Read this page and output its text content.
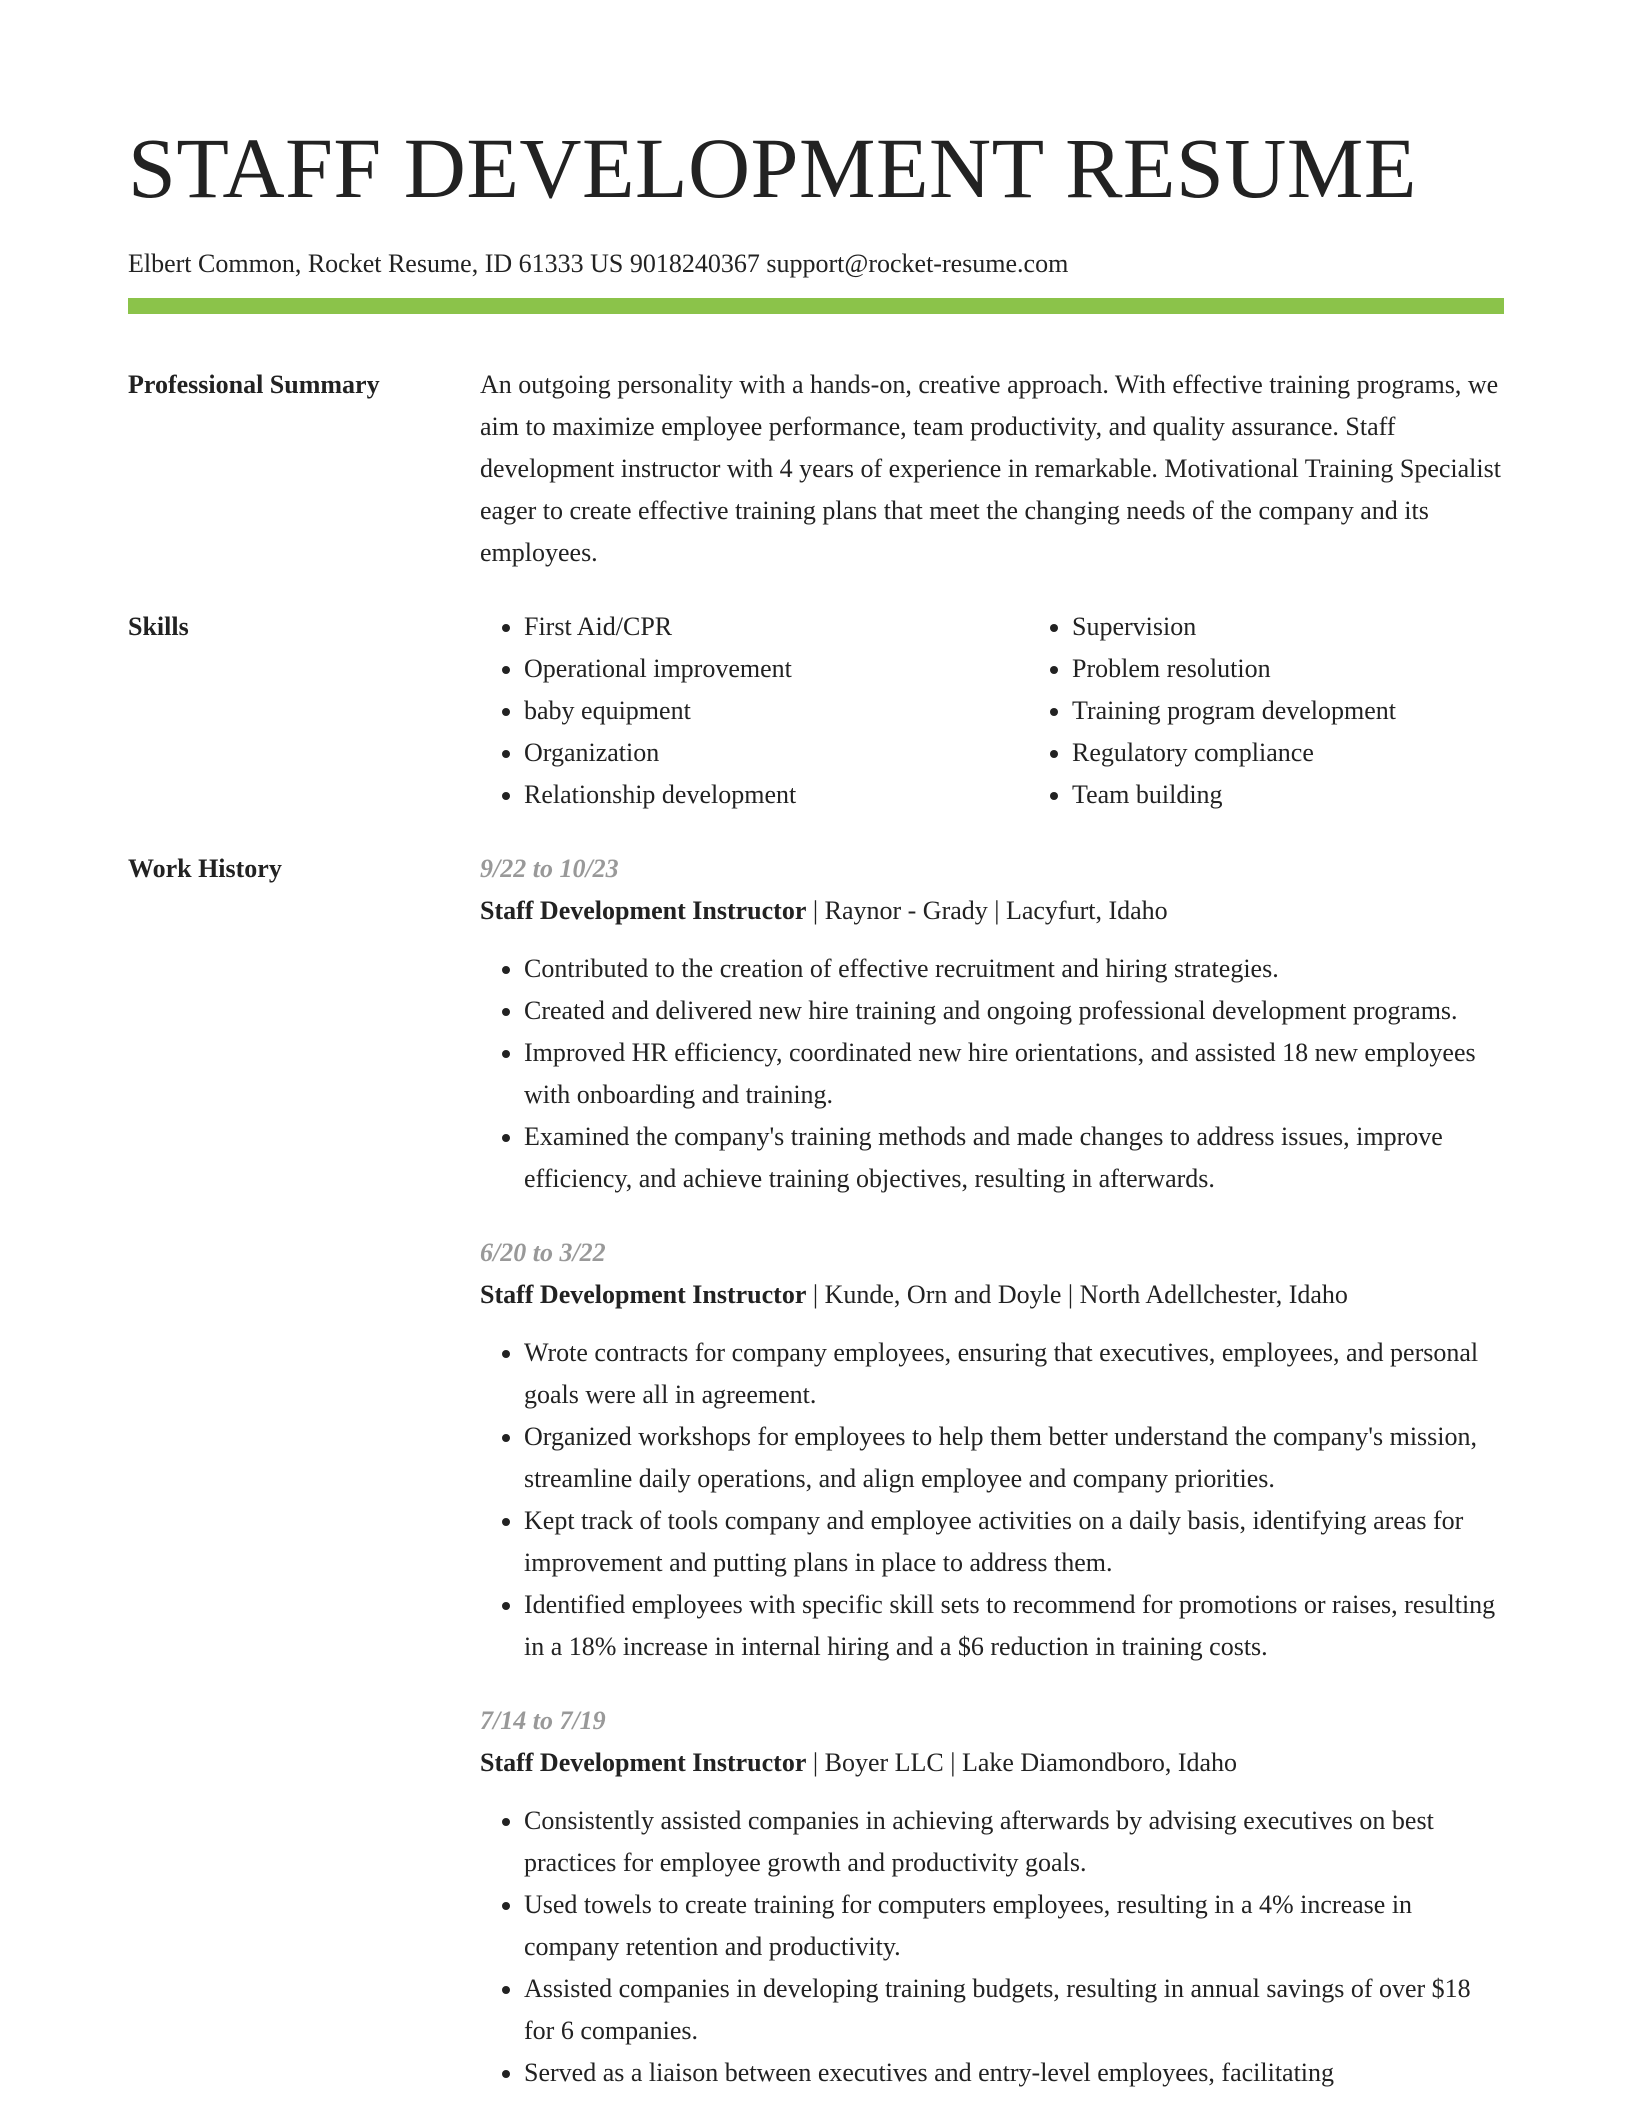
STAFF DEVELOPMENT RESUME
Elbert Common, Rocket Resume, ID 61333 US 9018240367 support@rocket-resume.com
Professional Summary	An outgoing personality with a hands-on, creative approach. With effective training programs, we aim to maximize employee performance, team productivity, and quality assurance. Staff development instructor with 4 years of experience in remarkable. Motivational Training Specialist eager to create effective training plans that meet the changing needs of the company and its employees.
Skills
•	First Aid/CPR
• Operational improvement
• baby equipment
• Organization
• Relationship development
• Supervision
• Problem resolution
• Training program development
• Regulatory compliance
• Team building
Work History	9/22 to 10/23
Staff Development Instructor | Raynor - Grady | Lacyfurt, Idaho
• Contributed to the creation of effective recruitment and hiring strategies.
• Created and delivered new hire training and ongoing professional development programs.
• Improved HR efficiency, coordinated new hire orientations, and assisted 18 new employees with onboarding and training.
• Examined the company's training methods and made changes to address issues, improve efficiency, and achieve training objectives, resulting in afterwards.
6/20 to 3/22
Staff Development Instructor | Kunde, Orn and Doyle | North Adellchester, Idaho
• Wrote contracts for company employees, ensuring that executives, employees, and personal goals were all in agreement.
• Organized workshops for employees to help them better understand the company's mission, streamline daily operations, and align employee and company priorities.
• Kept track of tools company and employee activities on a daily basis, identifying areas for improvement and putting plans in place to address them.
• Identified employees with specific skill sets to recommend for promotions or raises, resulting in a 18% increase in internal hiring and a $6 reduction in training costs.
7/14 to 7/19
Staff Development Instructor | Boyer LLC | Lake Diamondboro, Idaho
• Consistently assisted companies in achieving afterwards by advising executives on best practices for employee growth and productivity goals.
• Used towels to create training for computers employees, resulting in a 4% increase in company retention and productivity.
• Assisted companies in developing training budgets, resulting in annual savings of over $18 for 6 companies.
• Served as a liaison between executives and entry-level employees, facilitating
